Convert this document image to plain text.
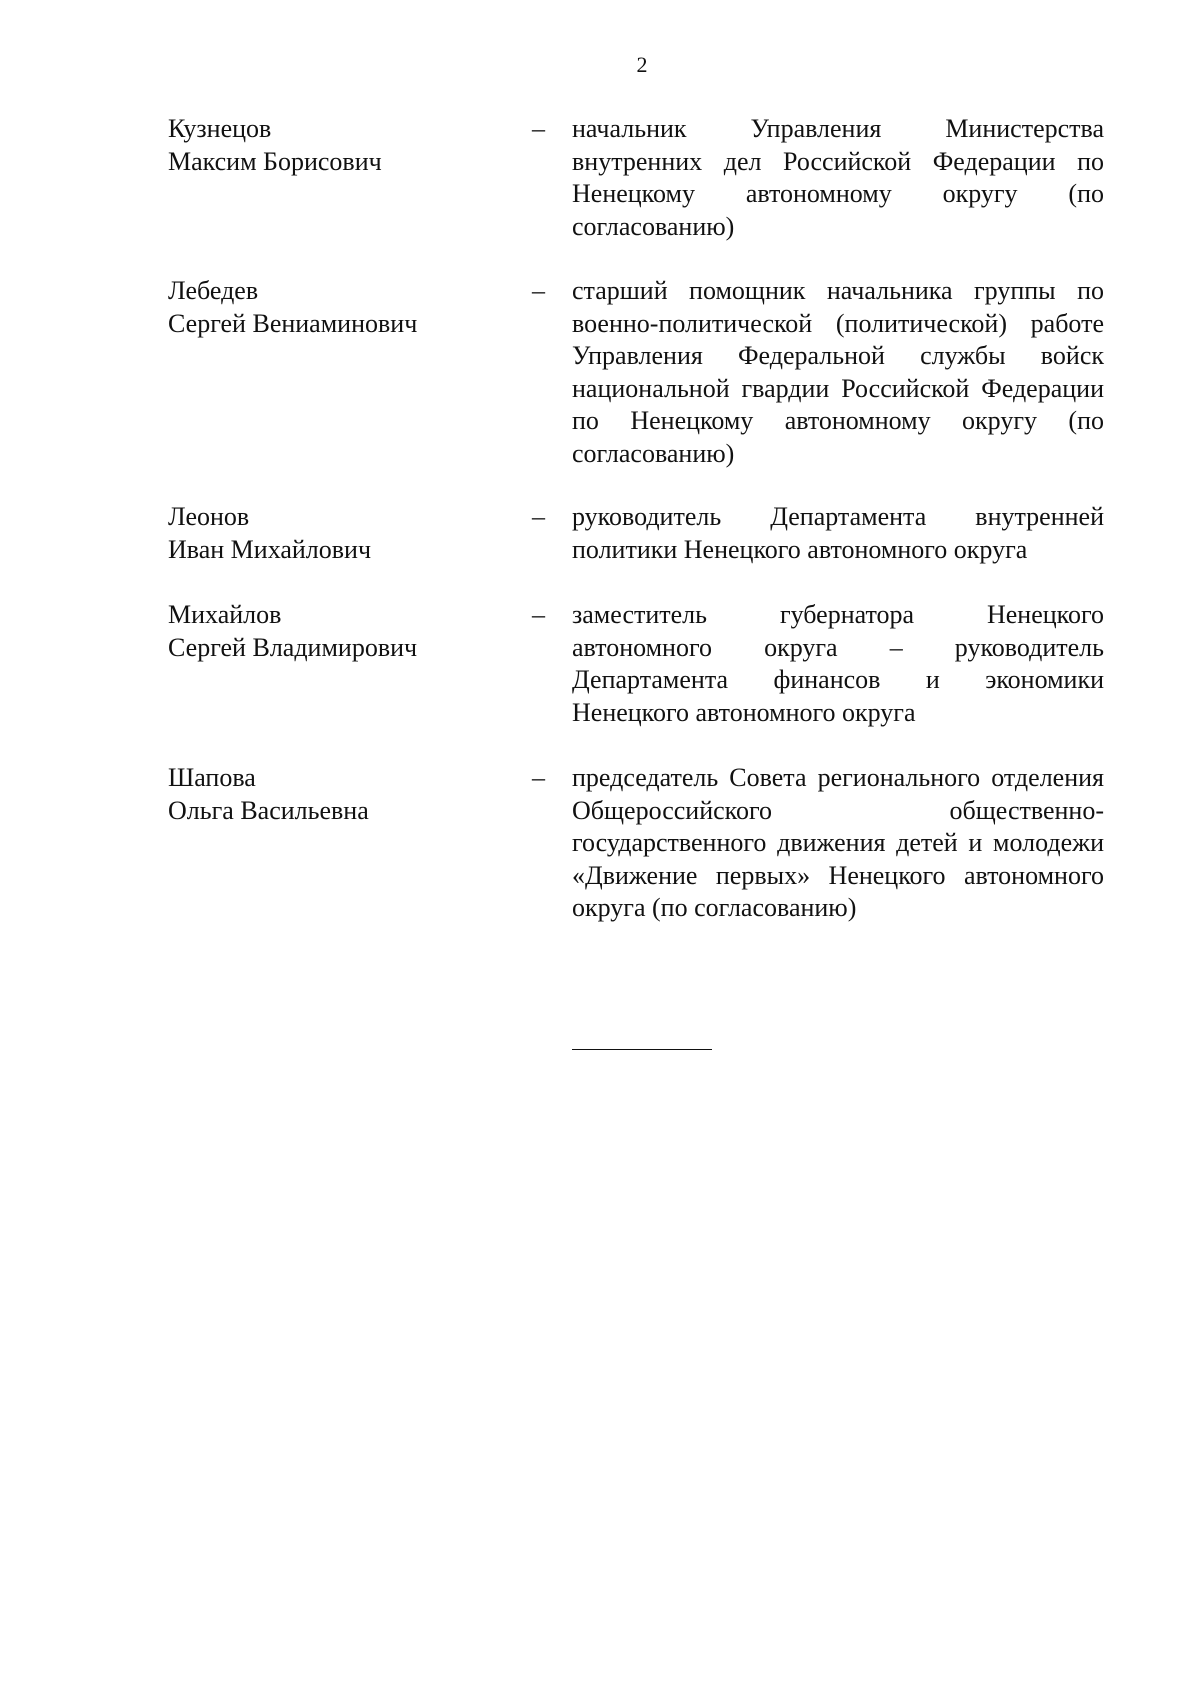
2
Кузнецов
Максим Борисович
– начальник Управления Министерства внутренних дел Российской Федерации по Ненецкому автономному округу (по согласованию)
Лебедев
Сергей Вениаминович
– старший помощник начальника группы по военно-политической (политической) работе Управления Федеральной службы войск национальной гвардии Российской Федерации по Ненецкому автономному округу (по согласованию)
Леонов
Иван Михайлович
– руководитель Департамента внутренней политики Ненецкого автономного округа
Михайлов
Сергей Владимирович
– заместитель губернатора Ненецкого автономного округа – руководитель Департамента финансов и экономики Ненецкого автономного округа
Шапова
Ольга Васильевна
– председатель Совета регионального отделения Общероссийского общественно-государственного движения детей и молодежи «Движение первых» Ненецкого автономного округа (по согласованию)
